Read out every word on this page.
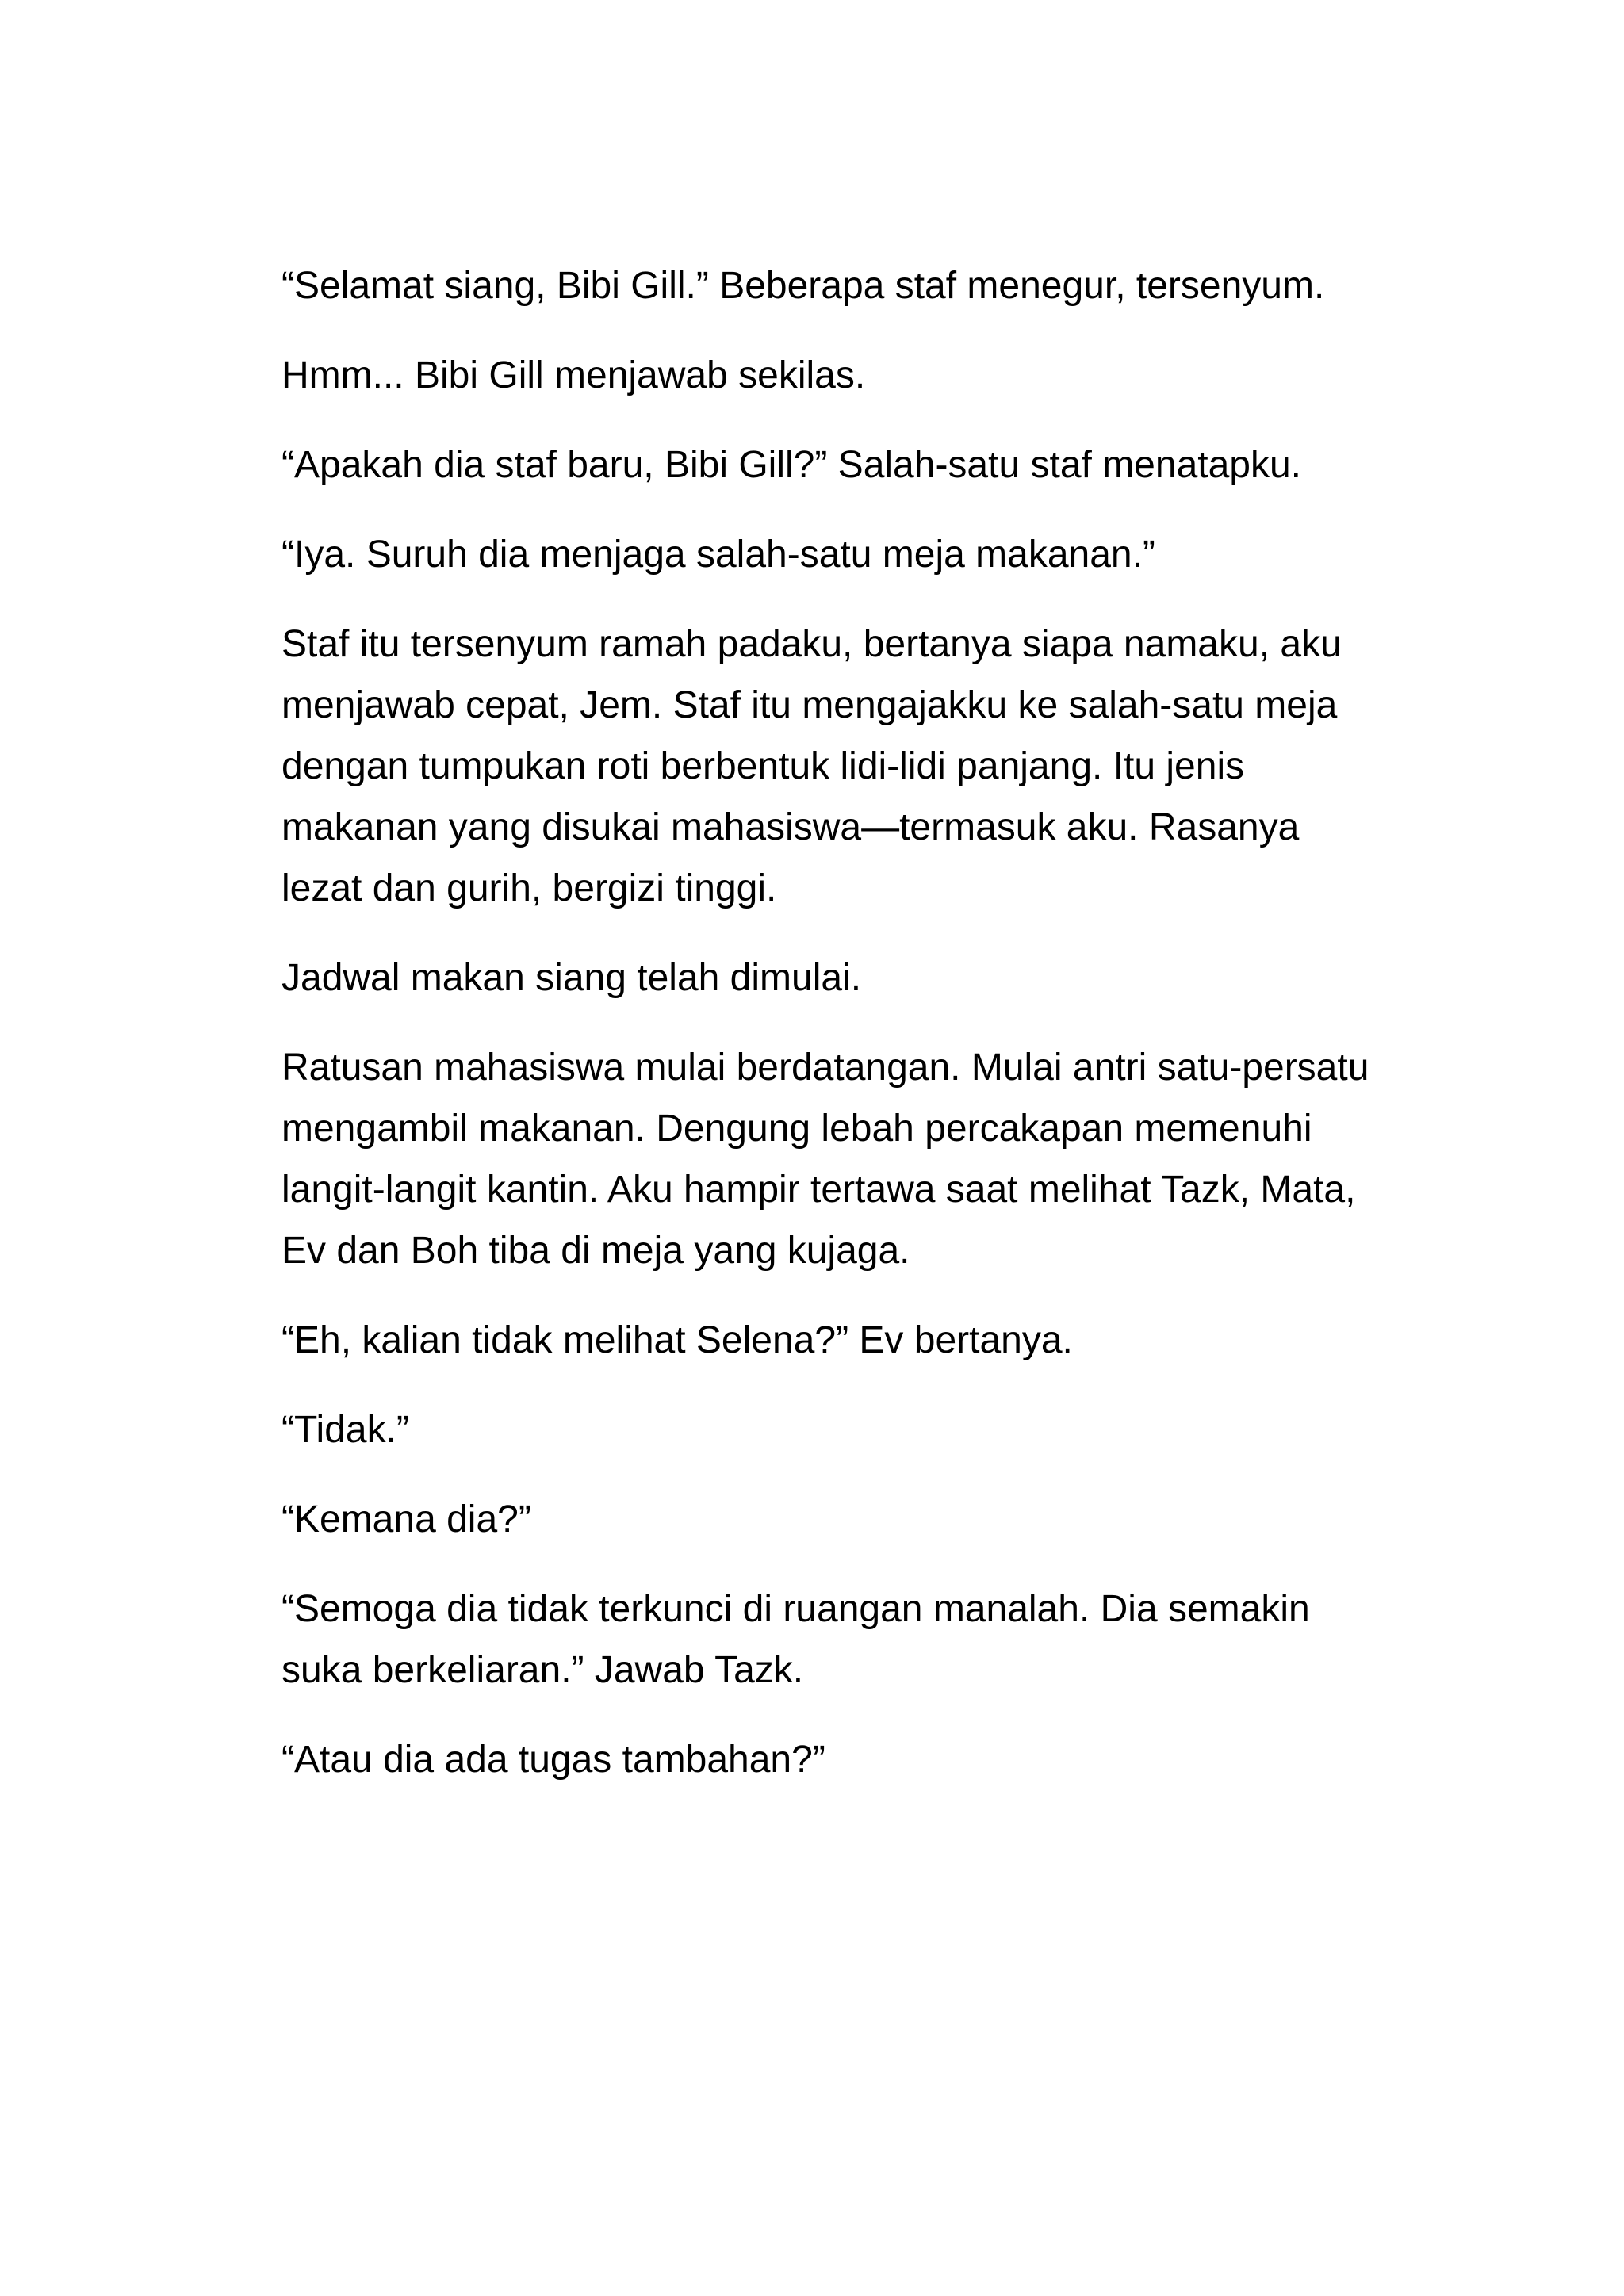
“Selamat siang, Bibi Gill.” Beberapa staf menegur, tersenyum.

Hmm... Bibi Gill menjawab sekilas.

“Apakah dia staf baru, Bibi Gill?” Salah-satu staf menatapku.

“Iya. Suruh dia menjaga salah-satu meja makanan.”

Staf itu tersenyum ramah padaku, bertanya siapa namaku, aku menjawab cepat, Jem. Staf itu mengajakku ke salah-satu meja dengan tumpukan roti berbentuk lidi-lidi panjang. Itu jenis makanan yang disukai mahasiswa—termasuk aku. Rasanya lezat dan gurih, bergizi tinggi.

Jadwal makan siang telah dimulai.

Ratusan mahasiswa mulai berdatangan. Mulai antri satu-persatu mengambil makanan. Dengung lebah percakapan memenuhi langit-langit kantin. Aku hampir tertawa saat melihat Tazk, Mata, Ev dan Boh tiba di meja yang kujaga.

“Eh, kalian tidak melihat Selena?” Ev bertanya.

“Tidak.”

“Kemana dia?”

“Semoga dia tidak terkunci di ruangan manalah. Dia semakin suka berkeliaran.” Jawab Tazk.

“Atau dia ada tugas tambahan?”
